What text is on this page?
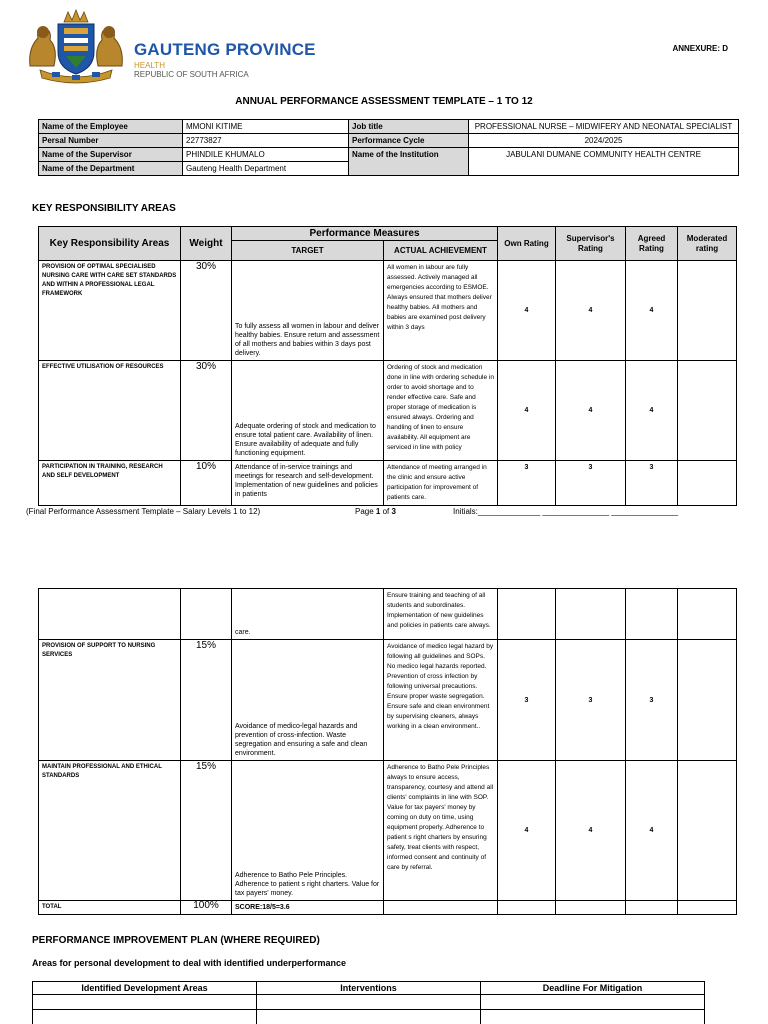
GAUTENG PROVINCE
HEALTH
REPUBLIC OF SOUTH AFRICA
ANNEXURE: D
ANNUAL PERFORMANCE ASSESSMENT TEMPLATE – 1 TO 12
Name of the Employee	MMONI KITIME	Job title	PROFESSIONAL NURSE – MIDWIFERY AND NEONATAL SPECIALIST
Persal Number	22773827	Performance Cycle	2024/2025
Name of the Supervisor	PHINDILE KHUMALO	Name of the Institution	JABULANI DUMANE COMMUNITY HEALTH CENTRE
Name of the Department	Gauteng Health Department		
KEY RESPONSIBILITY AREAS
Key Responsibility Areas	Weight	Performance Measures		Own Rating	Supervisor's Rating	Agreed Rating	Moderated rating
		TARGET	ACTUAL ACHIEVEMENT				
PROVISION OF OPTIMAL SPECIALISED NURSING CARE WITH CARE SET STANDARDS AND WITHIN A PROFESSIONAL LEGAL FRAMEWORK	30%	To fully assess all women in labour and deliver healthy babies. Ensure return and assessment of all mothers and babies within 3 days post delivery.	All women in labour are fully assessed. Actively managed all emergencies according to ESMOE. Always ensured that mothers deliver healthy babies. All mothers and babies are examined post delivery within 3 days	4	4	4	
EFFECTIVE UTILISATION OF RESOURCES	30%	Adequate ordering of stock and medication to ensure total patient care. Availability of linen. Ensure availability of adequate and fully functioning equipment.	Ordering of stock and medication done in line with ordering schedule in order to avoid shortage and to render effective care. Safe and proper storage of medication is ensured always. Ordering and handling of linen to ensure availability. All equipment are serviced in line with policy	4	4	4	
PARTICIPATION IN TRAINING, RESEARCH AND SELF DEVELOPMENT	10%	Attendance of in-service trainings and meetings for research and self-development. Implementation of new guidelines and policies in patients	Attendance of meeting arranged in the clinic and ensure active participation for improvement of patients care.	3	3	3	
(Final Performance Assessment Template – Salary Levels 1 to 12)	Page 1 of 3	Initials:______________ _______________ _______________
		care.	Ensure training and teaching of all students and subordinates. Implementation of new guidelines and policies in patients care always.				
PROVISION OF SUPPORT TO NURSING SERVICES	15%	Avoidance of medico-legal hazards and prevention of cross-infection. Waste segregation and ensuring a safe and clean environment.	Avoidance of medico legal hazard by following all guidelines and SOPs. No medico legal hazards reported. Prevention of cross infection by following universal precautions. Ensure proper waste segregation. Ensure safe and clean environment by supervising cleaners, always working in a clean environment..	3	3	3	
MAINTAIN PROFESSIONAL AND ETHICAL STANDARDS	15%	Adherence to Batho Pele Principles. Adherence to patient s right charters. Value for tax payers' money.	Adherence to Batho Pele Principles always to ensure access, transparency, courtesy and attend all clients' complaints in line with SOP. Value for tax payers' money by coming on duty on time, using equipment properly. Adherence to patient s right charters by ensuring safety, treat clients with respect, informed consent and continuity of care by referral.	4	4	4	
TOTAL	100%	SCORE:18/5=3.6					
PERFORMANCE IMPROVEMENT PLAN (WHERE REQUIRED)
Areas for personal development to deal with identified underperformance
Identified Development Areas	Interventions	Deadline For Mitigation
